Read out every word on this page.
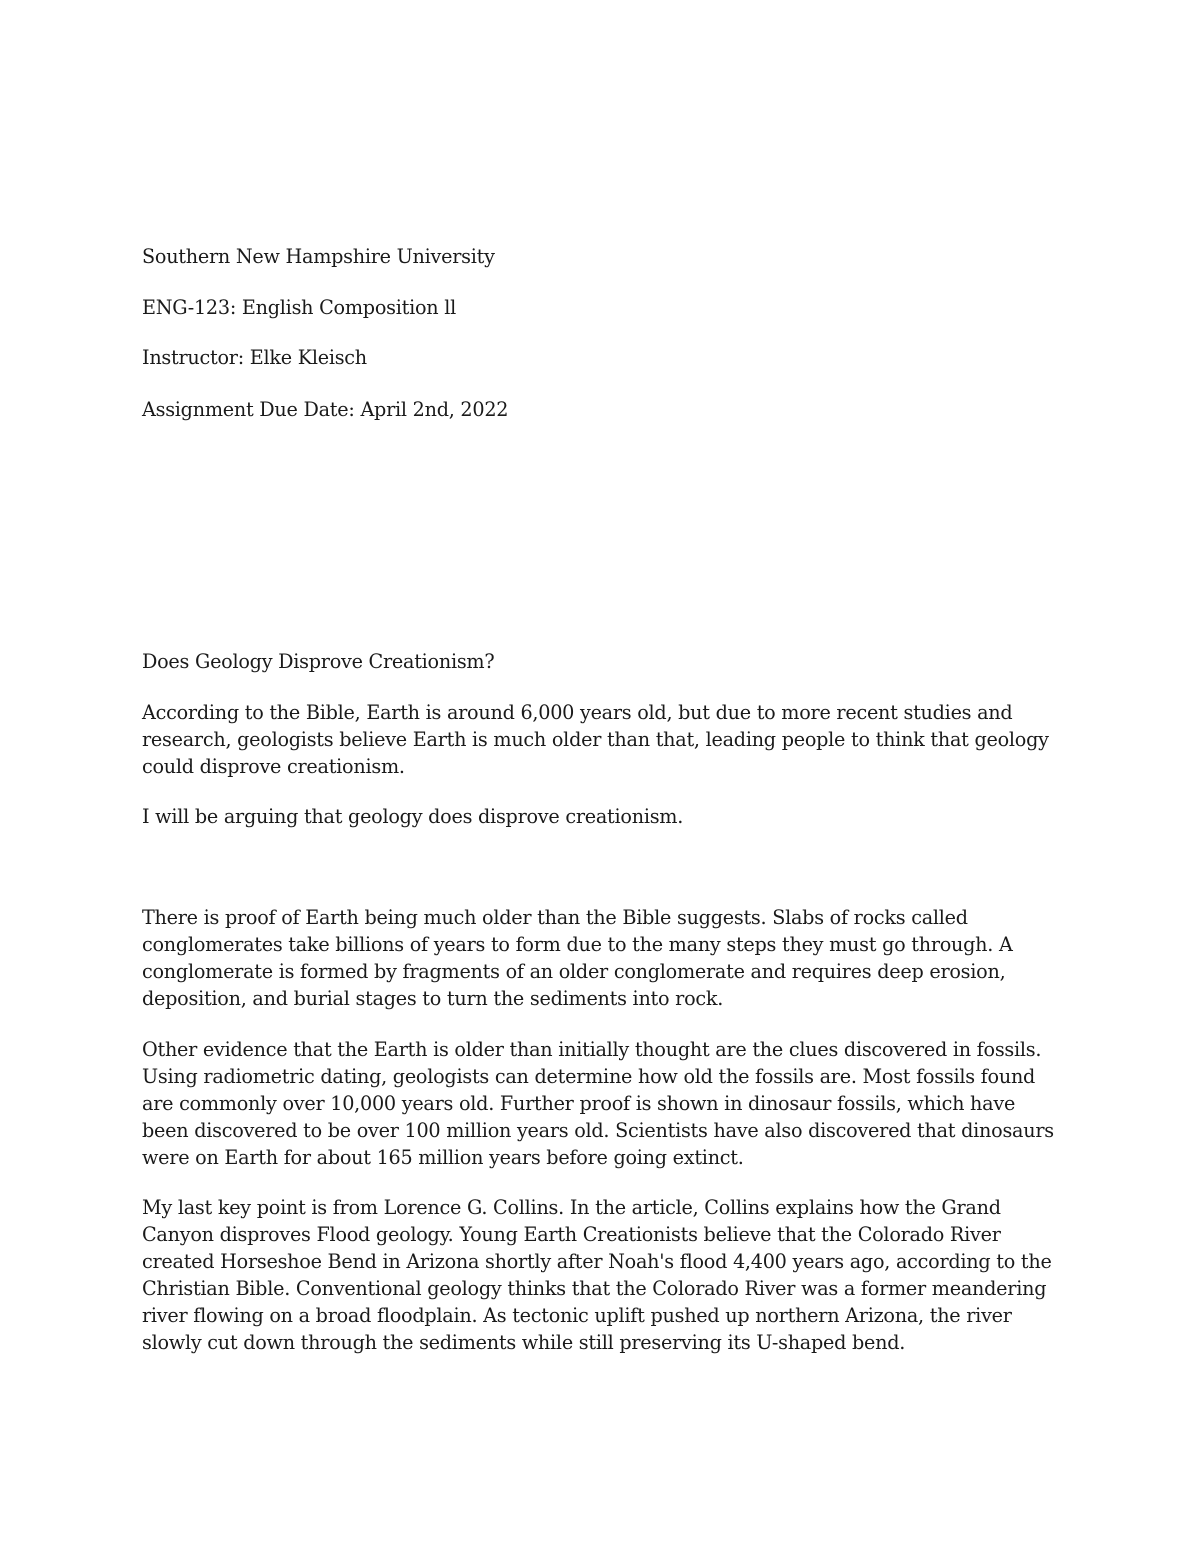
Southern New Hampshire University

ENG-123: English Composition ll

Instructor: Elke Kleisch

Assignment Due Date: April 2nd, 2022

Does Geology Disprove Creationism?

According to the Bible, Earth is around 6,000 years old, but due to more recent studies and
research, geologists believe Earth is much older than that, leading people to think that geology
could disprove creationism.

I will be arguing that geology does disprove creationism.

There is proof of Earth being much older than the Bible suggests. Slabs of rocks called
conglomerates take billions of years to form due to the many steps they must go through. A
conglomerate is formed by fragments of an older conglomerate and requires deep erosion,
deposition, and burial stages to turn the sediments into rock.
Other evidence that the Earth is older than initially thought are the clues discovered in fossils.
Using radiometric dating, geologists can determine how old the fossils are. Most fossils found
are commonly over 10,000 years old. Further proof is shown in dinosaur fossils, which have
been discovered to be over 100 million years old. Scientists have also discovered that dinosaurs
were on Earth for about 165 million years before going extinct.
My last key point is from Lorence G. Collins. In the article, Collins explains how the Grand
Canyon disproves Flood geology. Young Earth Creationists believe that the Colorado River
created Horseshoe Bend in Arizona shortly after Noah's flood 4,400 years ago, according to the
Christian Bible. Conventional geology thinks that the Colorado River was a former meandering
river flowing on a broad floodplain. As tectonic uplift pushed up northern Arizona, the river
slowly cut down through the sediments while still preserving its U-shaped bend.
